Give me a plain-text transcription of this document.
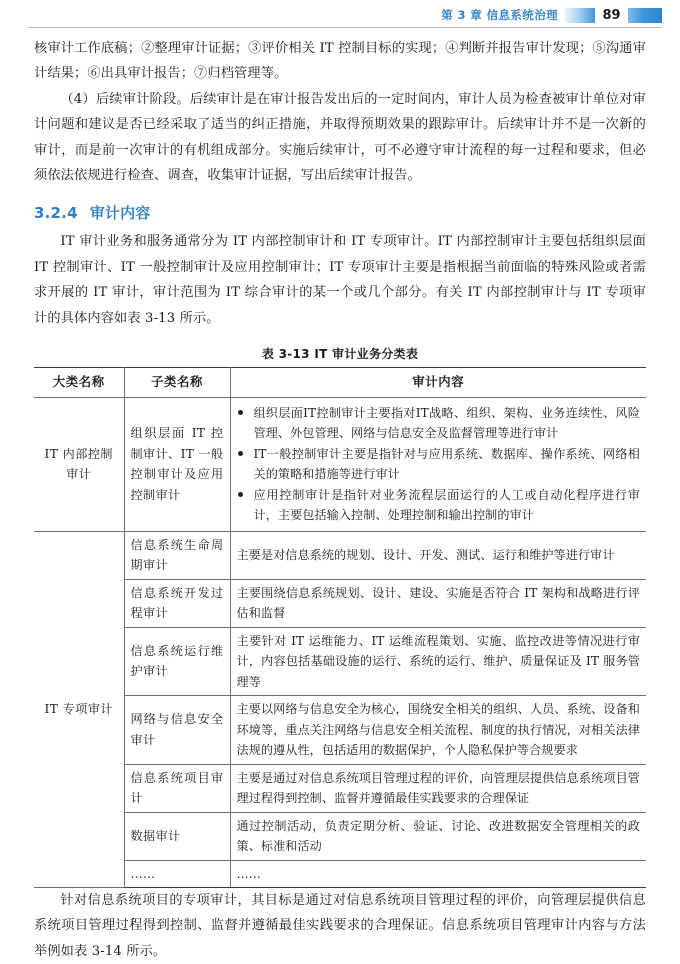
第 3 章 信息系统治理	89

核审计工作底稿；②整理审计证据；③评价相关 IT 控制目标的实现；④判断并报告审计发现；⑤沟通审计结果；⑥出具审计报告；⑦归档管理等。

（4）后续审计阶段。后续审计是在审计报告发出后的一定时间内，审计人员为检查被审计单位对审计问题和建议是否已经采取了适当的纠正措施，并取得预期效果的跟踪审计。后续审计并不是一次新的审计，而是前一次审计的有机组成部分。实施后续审计，可不必遵守审计流程的每一过程和要求，但必须依法依规进行检查、调查，收集审计证据，写出后续审计报告。

3.2.4 审计内容

IT 审计业务和服务通常分为 IT 内部控制审计和 IT 专项审计。IT 内部控制审计主要包括组织层面 IT 控制审计、IT 一般控制审计及应用控制审计；IT 专项审计主要是指根据当前面临的特殊风险或者需求开展的 IT 审计，审计范围为 IT 综合审计的某一个或几个部分。有关 IT 内部控制审计与 IT 专项审计的具体内容如表 3-13 所示。

表 3-13 IT 审计业务分类表
大类名称	子类名称	审计内容
IT 内部控制审计	组织层面 IT 控制审计、IT 一般控制审计及应用控制审计	
组织层面IT控制审计主要指对IT战略、组织、架构、业务连续性、风险管理、外包管理、网络与信息安全及监督管理等进行审计
IT一般控制审计主要是指针对与应用系统、数据库、操作系统、网络相关的策略和措施等进行审计
应用控制审计是指针对业务流程层面运行的人工或自动化程序进行审计，主要包括输入控制、处理控制和输出控制的审计

IT 专项审计	信息系统生命周期审计	主要是对信息系统的规划、设计、开发、测试、运行和维护等进行审计
	信息系统开发过程审计	主要围绕信息系统规划、设计、建设、实施是否符合 IT 架构和战略进行评估和监督
	信息系统运行维护审计	主要针对 IT 运维能力、IT 运维流程策划、实施、监控改进等情况进行审计，内容包括基础设施的运行、系统的运行、维护、质量保证及 IT 服务管理等
	网络与信息安全审计	主要以网络与信息安全为核心，围绕安全相关的组织、人员、系统、设备和环境等，重点关注网络与信息安全相关流程、制度的执行情况，对相关法律法规的遵从性，包括适用的数据保护，个人隐私保护等合规要求
	信息系统项目审计	主要是通过对信息系统项目管理过程的评价，向管理层提供信息系统项目管理过程得到控制、监督并遵循最佳实践要求的合理保证
	数据审计	通过控制活动，负责定期分析、验证、讨论、改进数据安全管理相关的政策、标准和活动
	……	……

针对信息系统项目的专项审计，其目标是通过对信息系统项目管理过程的评价，向管理层提供信息系统项目管理过程得到控制、监督并遵循最佳实践要求的合理保证。信息系统项目管理审计内容与方法举例如表 3-14 所示。
